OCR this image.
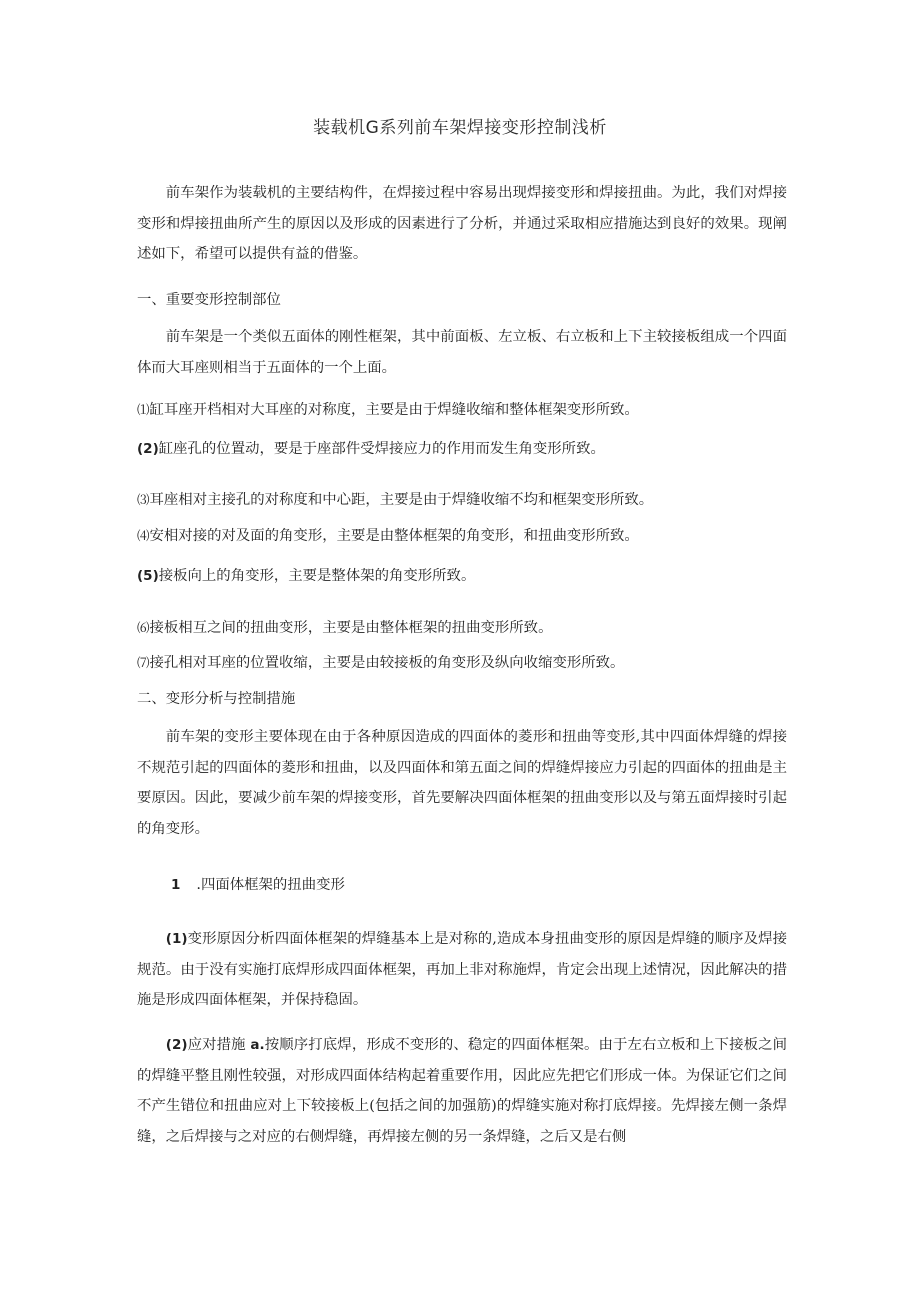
装载机G系列前车架焊接变形控制浅析

前车架作为装载机的主要结构件，在焊接过程中容易出现焊接变形和焊接扭曲。为此，我们对焊接变形和焊接扭曲所产生的原因以及形成的因素进行了分析，并通过采取相应措施达到良好的效果。现阐述如下，希望可以提供有益的借鉴。

一、重要变形控制部位

前车架是一个类似五面体的刚性框架，其中前面板、左立板、右立板和上下主较接板组成一个四面体而大耳座则相当于五面体的一个上面。

⑴缸耳座开档相对大耳座的对称度，主要是由于焊缝收缩和整体框架变形所致。

(2)缸座孔的位置动，要是于座部件受焊接应力的作用而发生角变形所致。

⑶耳座相对主接孔的对称度和中心距，主要是由于焊缝收缩不均和框架变形所致。

⑷安相对接的对及面的角变形，主要是由整体框架的角变形，和扭曲变形所致。

(5)接板向上的角变形，主要是整体架的角变形所致。

⑹接板相互之间的扭曲变形，主要是由整体框架的扭曲变形所致。

⑺接孔相对耳座的位置收缩，主要是由较接板的角变形及纵向收缩变形所致。

二、变形分析与控制措施

前车架的变形主要体现在由于各种原因造成的四面体的菱形和扭曲等变形,其中四面体焊缝的焊接不规范引起的四面体的菱形和扭曲，以及四面体和第五面之间的焊缝焊接应力引起的四面体的扭曲是主要原因。因此，要减少前车架的焊接变形，首先要解决四面体框架的扭曲变形以及与第五面焊接时引起的角变形。

1 .四面体框架的扭曲变形

(1)变形原因分析四面体框架的焊缝基本上是对称的,造成本身扭曲变形的原因是焊缝的顺序及焊接规范。由于没有实施打底焊形成四面体框架，再加上非对称施焊，肯定会出现上述情况，因此解决的措施是形成四面体框架，并保持稳固。

(2)应对措施 a.按顺序打底焊，形成不变形的、稳定的四面体框架。由于左右立板和上下接板之间的焊缝平整且刚性较强，对形成四面体结构起着重要作用，因此应先把它们形成一体。为保证它们之间不产生错位和扭曲应对上下较接板上(包括之间的加强筋)的焊缝实施对称打底焊接。先焊接左侧一条焊缝，之后焊接与之对应的右侧焊缝，再焊接左侧的另一条焊缝，之后又是右侧
